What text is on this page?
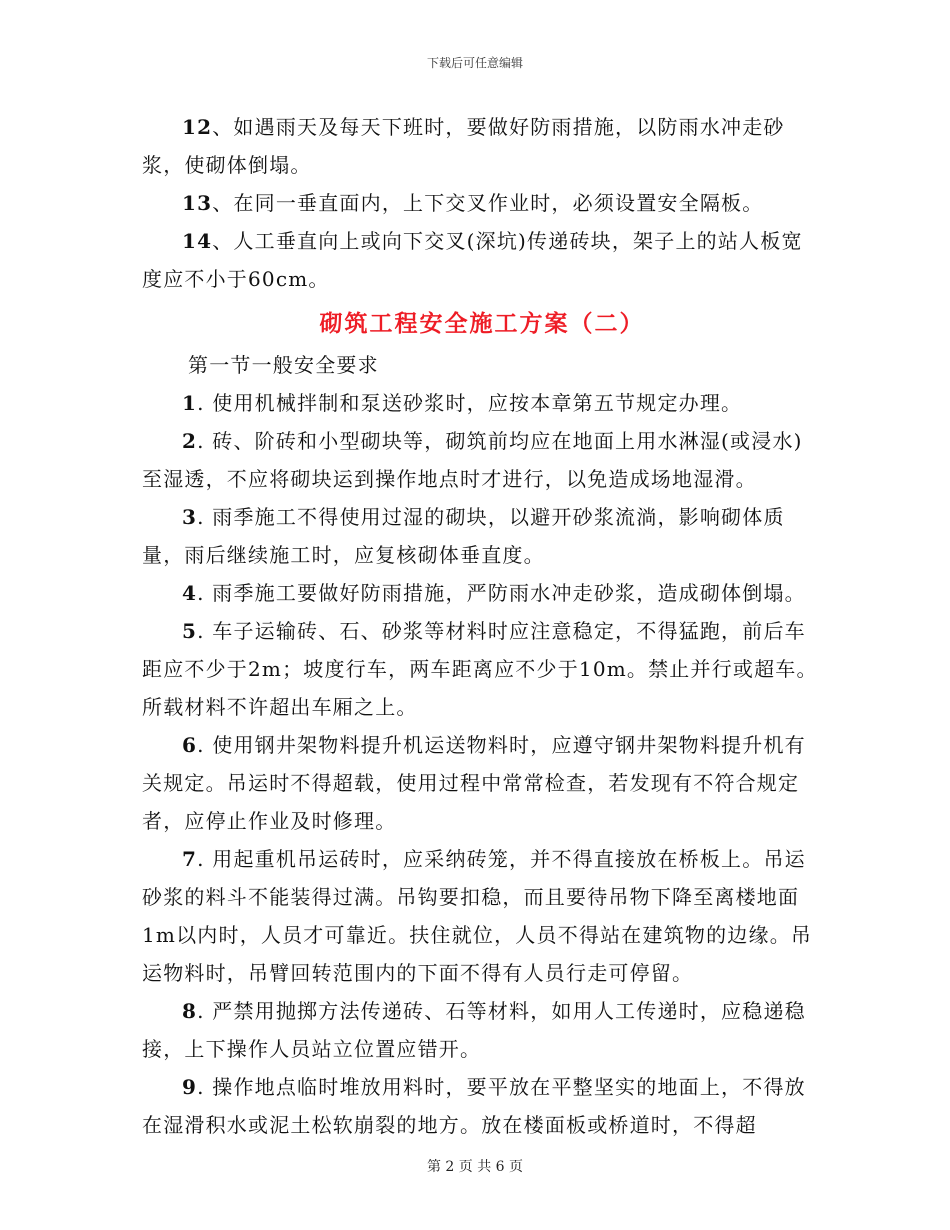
下载后可任意编辑

12、如遇雨天及每天下班时，要做好防雨措施，以防雨水冲走砂浆，使砌体倒塌。

13、在同一垂直面内，上下交叉作业时，必须设置安全隔板。

14、人工垂直向上或向下交叉(深坑)传递砖块，架子上的站人板宽度应不小于60cm。

砌筑工程安全施工方案（二）

第一节一般安全要求

1. 使用机械拌制和泵送砂浆时，应按本章第五节规定办理。

2. 砖、阶砖和小型砌块等，砌筑前均应在地面上用水淋湿(或浸水)至湿透，不应将砌块运到操作地点时才进行，以免造成场地湿滑。

3. 雨季施工不得使用过湿的砌块，以避开砂浆流淌，影响砌体质量，雨后继续施工时，应复核砌体垂直度。

4. 雨季施工要做好防雨措施，严防雨水冲走砂浆，造成砌体倒塌。

5. 车子运输砖、石、砂浆等材料时应注意稳定，不得猛跑，前后车距应不少于2m；坡度行车，两车距离应不少于10m。禁止并行或超车。所载材料不许超出车厢之上。

6. 使用钢井架物料提升机运送物料时，应遵守钢井架物料提升机有关规定。吊运时不得超载，使用过程中常常检查，若发现有不符合规定者，应停止作业及时修理。

7. 用起重机吊运砖时，应采纳砖笼，并不得直接放在桥板上。吊运砂浆的料斗不能装得过满。吊钩要扣稳，而且要待吊物下降至离楼地面1m以内时，人员才可靠近。扶住就位，人员不得站在建筑物的边缘。吊运物料时，吊臂回转范围内的下面不得有人员行走可停留。

8. 严禁用抛掷方法传递砖、石等材料，如用人工传递时，应稳递稳接，上下操作人员站立位置应错开。

9. 操作地点临时堆放用料时，要平放在平整坚实的地面上，不得放在湿滑积水或泥土松软崩裂的地方。放在楼面板或桥道时，不得超

第 2 页 共 6 页
